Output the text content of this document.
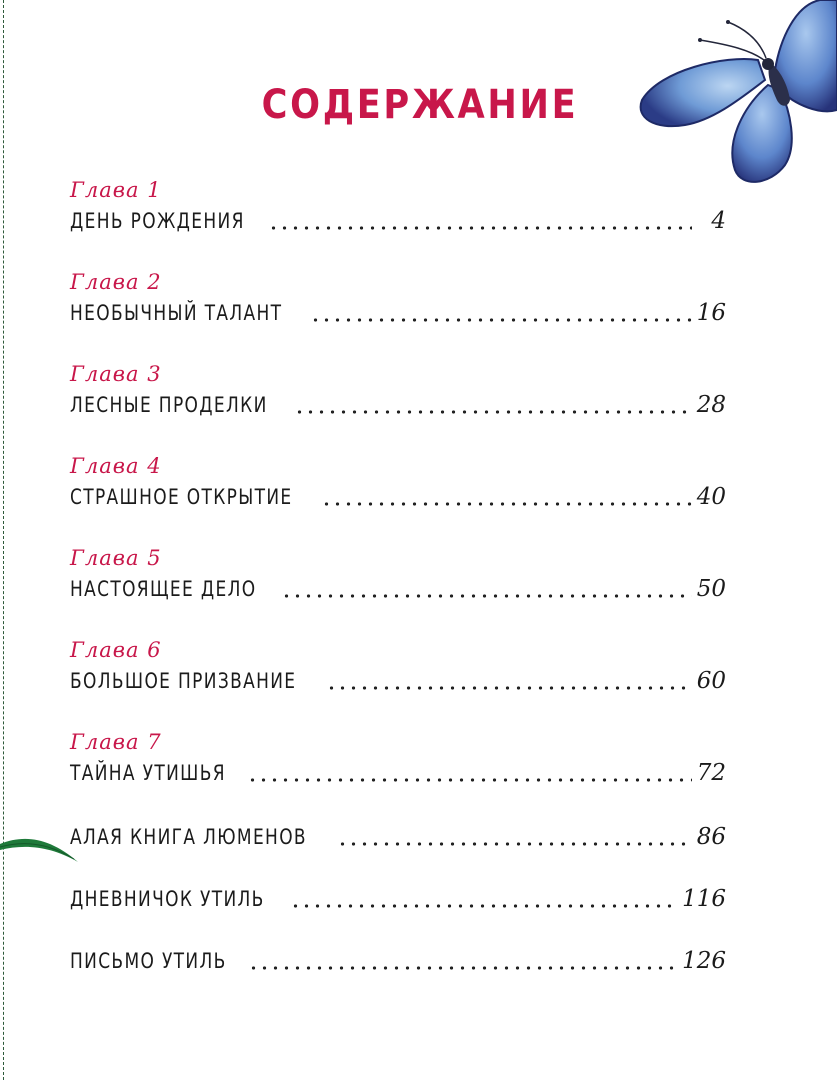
СОДЕРЖАНИЕ
Глава 1
ДЕНЬ РОЖДЕНИЯ	4
Глава 2
НЕОБЫЧНЫЙ ТАЛАНТ	16
Глава 3
ЛЕСНЫЕ ПРОДЕЛКИ	28
Глава 4
СТРАШНОЕ ОТКРЫТИЕ	40
Глава 5
НАСТОЯЩЕЕ ДЕЛО	50
Глава 6
БОЛЬШОЕ ПРИЗВАНИЕ	60
Глава 7
ТАЙНА УТИШЬЯ	72
АЛАЯ КНИГА ЛЮМЕНОВ	86
ДНЕВНИЧОК УТИЛЬ	116
ПИСЬМО УТИЛЬ	126
